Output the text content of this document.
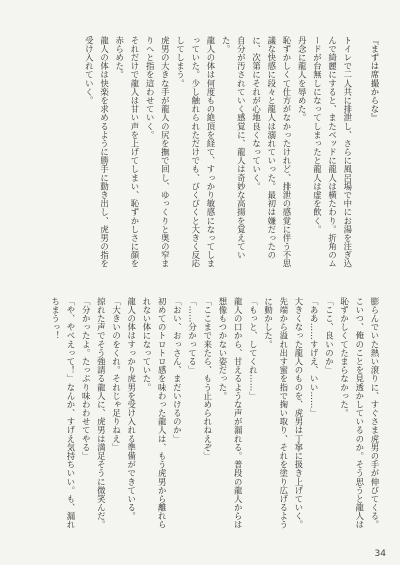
『まずは席撮からな』

トイレで二人共に排泄し、さらに風呂場で中にお湯を注ぎ込んで綺麗にすると、またベッドに龍人は横たわり。折角のムードが台無しになってしまったと龍人は虚を飲く。

丹念に龍人を辱めた。

恥ずかしくて仕方がなかったけれど、排泄の感覚に伴う不思議な快感に段々と龍人は溺れていった。最初は嫌だったのに、次第にそれが心地良くなっていく。

自分が汚されていく感覚に、龍人は奇妙な高揚を覚えていた。

龍人の体は何度もの絶頂を経て、すっかり敏感になってしまっていた。少し触れられただけでも、びくびくと大きく反応してしまう。

虎男の大きな手が龍人の尻を撫で回し、ゆっくりと奥の窄まりへと指を這わせていく。

それだけで龍人は甘い声を上げてしまい、恥ずかしさに顔を赤らめた。

龍人の体は快楽を求めるように勝手に動き出し、虎男の指を受け入れていく。

膨らんでいた熱い滾りに、すぐさま虎男の手が伸びてくる。

こいつ、俺のことを見透かしているのか。そう思うと龍人は恥ずかしくてたまらなかった。

「ここ、良いのか」

「ああ……すげえ、いい……」

大きくなった龍人のものを、虎男は丁寧に扱き上げていく。先端から溢れ出す蜜を指で掬い取り、それを塗り広げるように動かした。

「もっと、してくれ……」

龍人の口から、甘えるような声が漏れる。普段の龍人からは想像もつかない姿だった。

「ここまで来たら、もう止められねえぞ」

「……分かってる」

「おい、おっさん、まだいけるのか」

初めてのトロトロ感を味わった龍人は、もう虎男から離れられない体になっていた。

龍人の体はすっかり虎男を受け入れる準備ができている。

「大きいのをくれ。それじゃ足りねえ」

掠れた声でそう強請る龍人に、虎男は満足そうに微笑んだ。

「分かったよ。たっぷり味わわせてやる」

「や、やべえって！」なんか、すげえ気持ちいい。も、漏れちまうっ！

34
